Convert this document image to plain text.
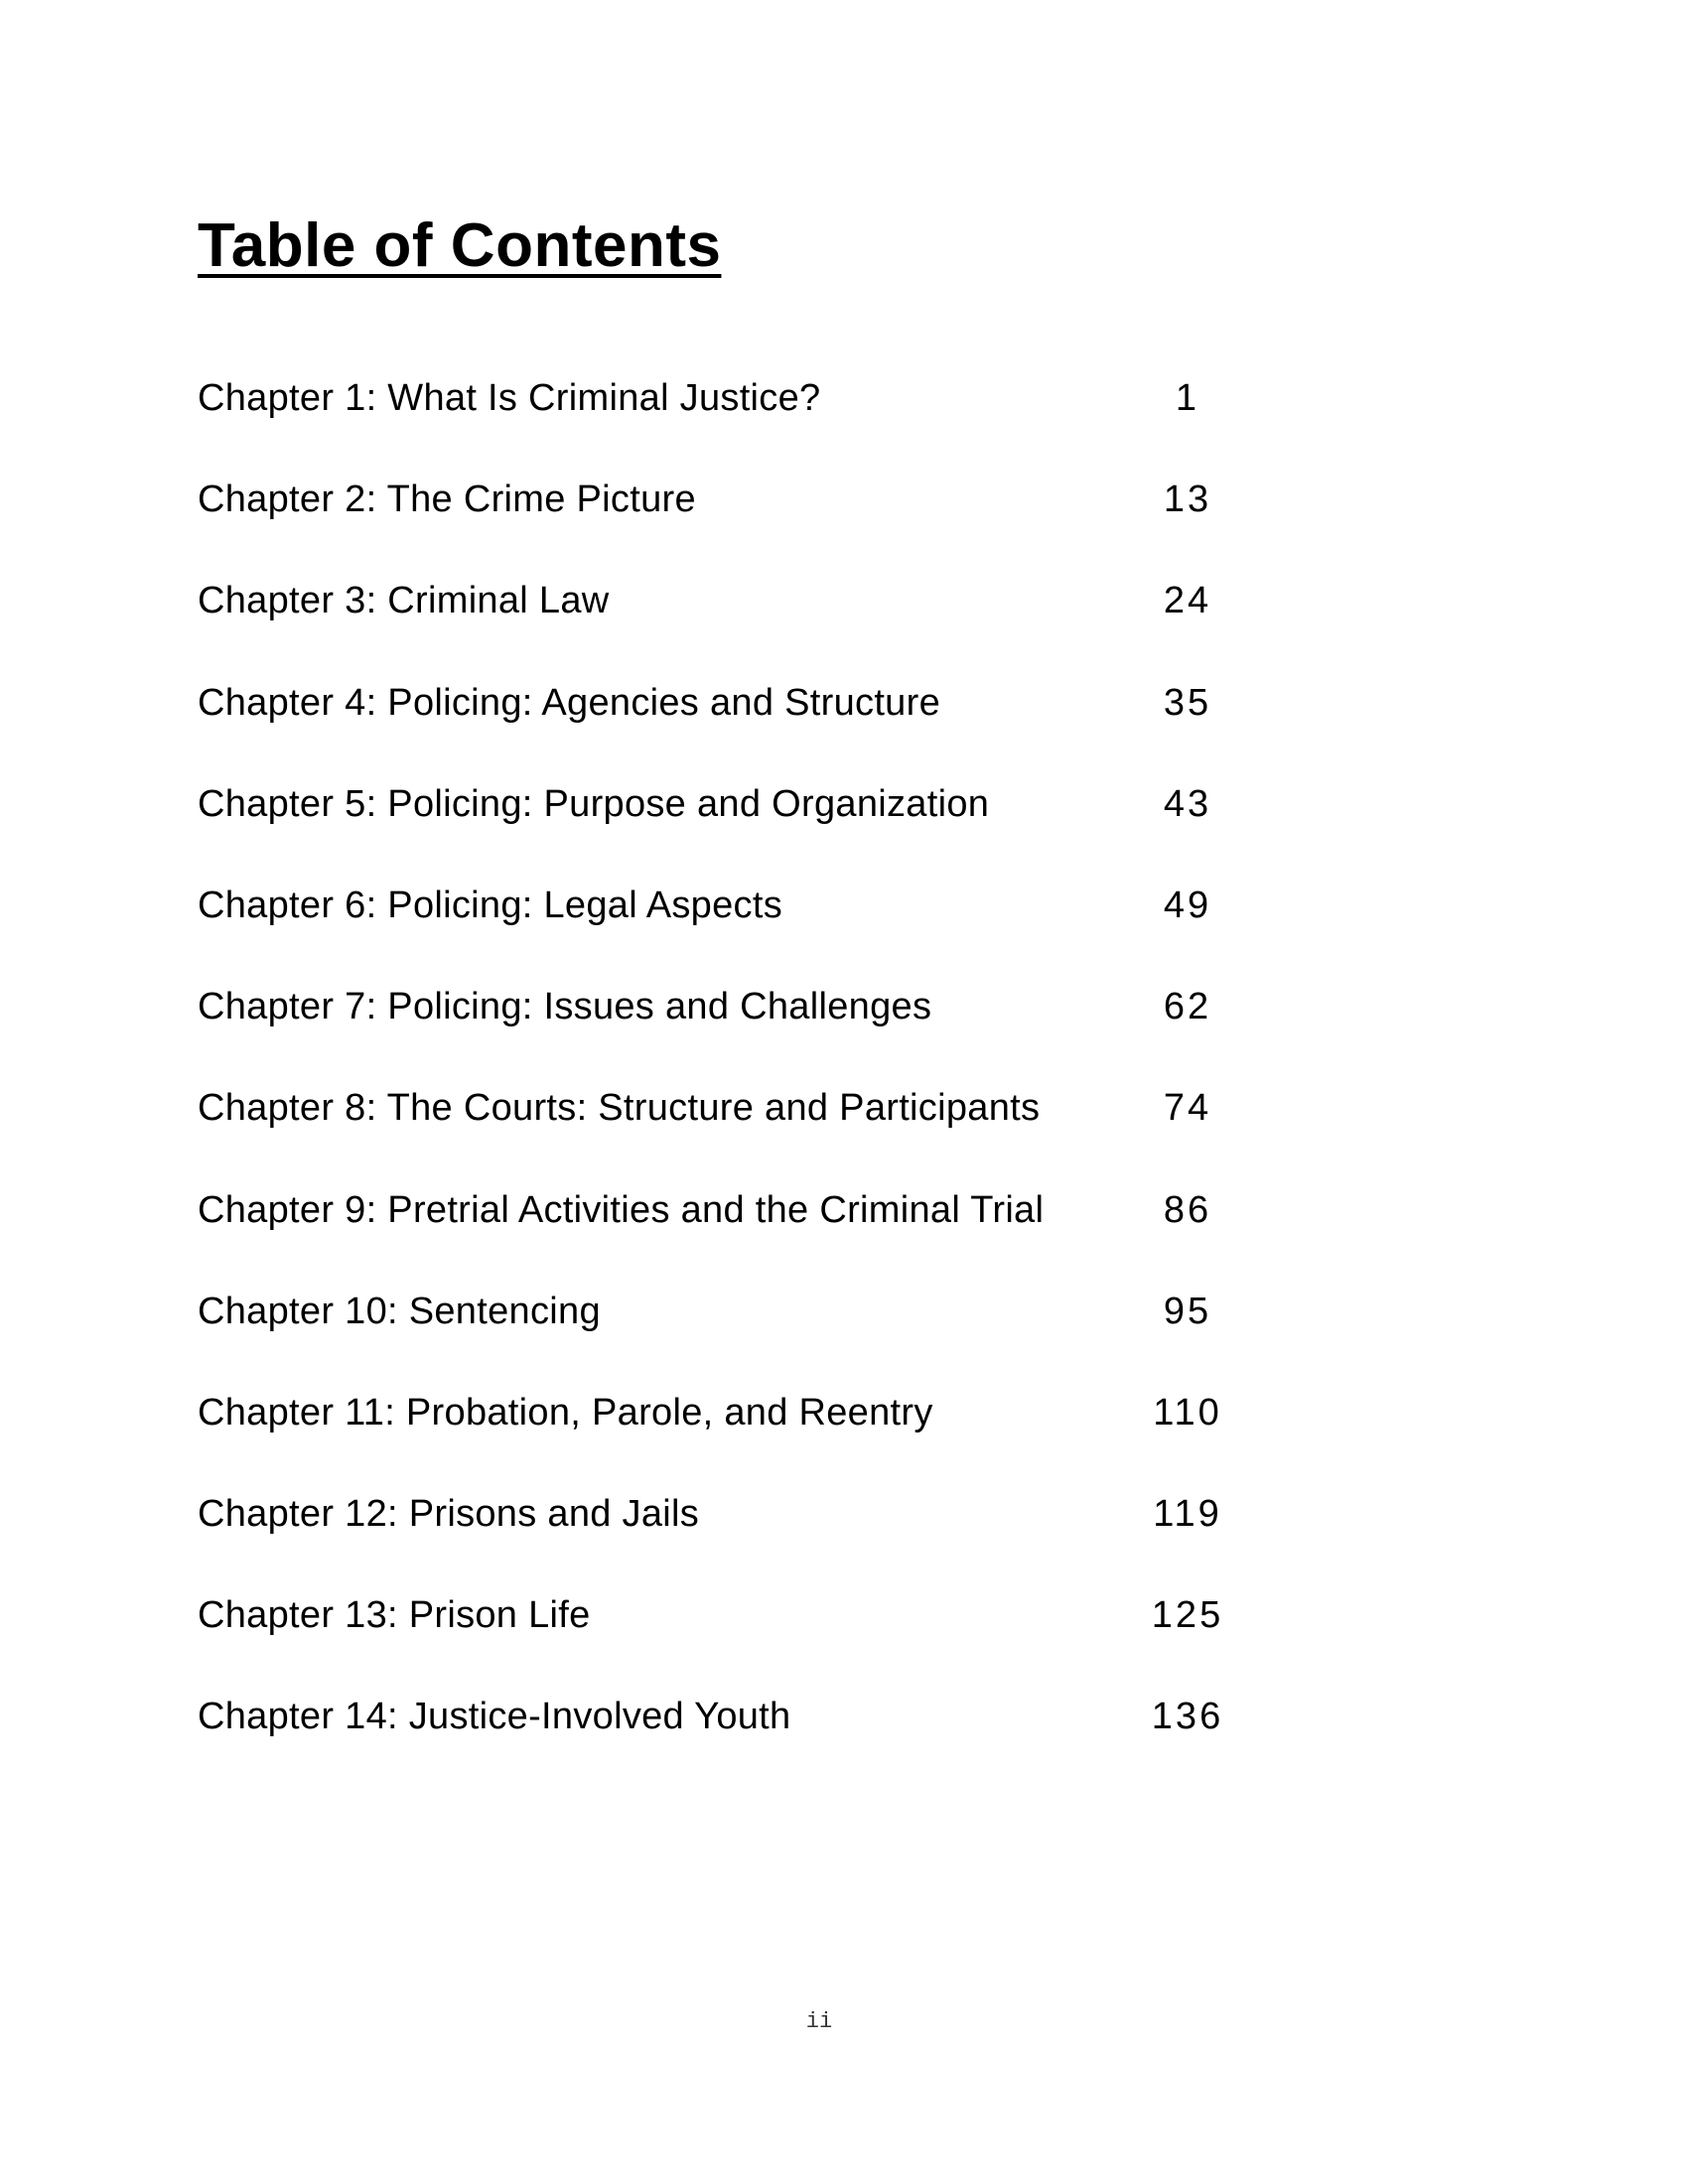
Table of Contents
Chapter 1: What Is Criminal Justice?	1
Chapter 2: The Crime Picture	13
Chapter 3: Criminal Law	24
Chapter 4: Policing: Agencies and Structure	35
Chapter 5: Policing: Purpose and Organization	43
Chapter 6: Policing: Legal Aspects	49
Chapter 7: Policing: Issues and Challenges	62
Chapter 8: The Courts: Structure and Participants	74
Chapter 9: Pretrial Activities and the Criminal Trial	86
Chapter 10: Sentencing	95
Chapter 11: Probation, Parole, and Reentry	110
Chapter 12: Prisons and Jails	119
Chapter 13: Prison Life	125
Chapter 14: Justice-Involved Youth	136
ii
